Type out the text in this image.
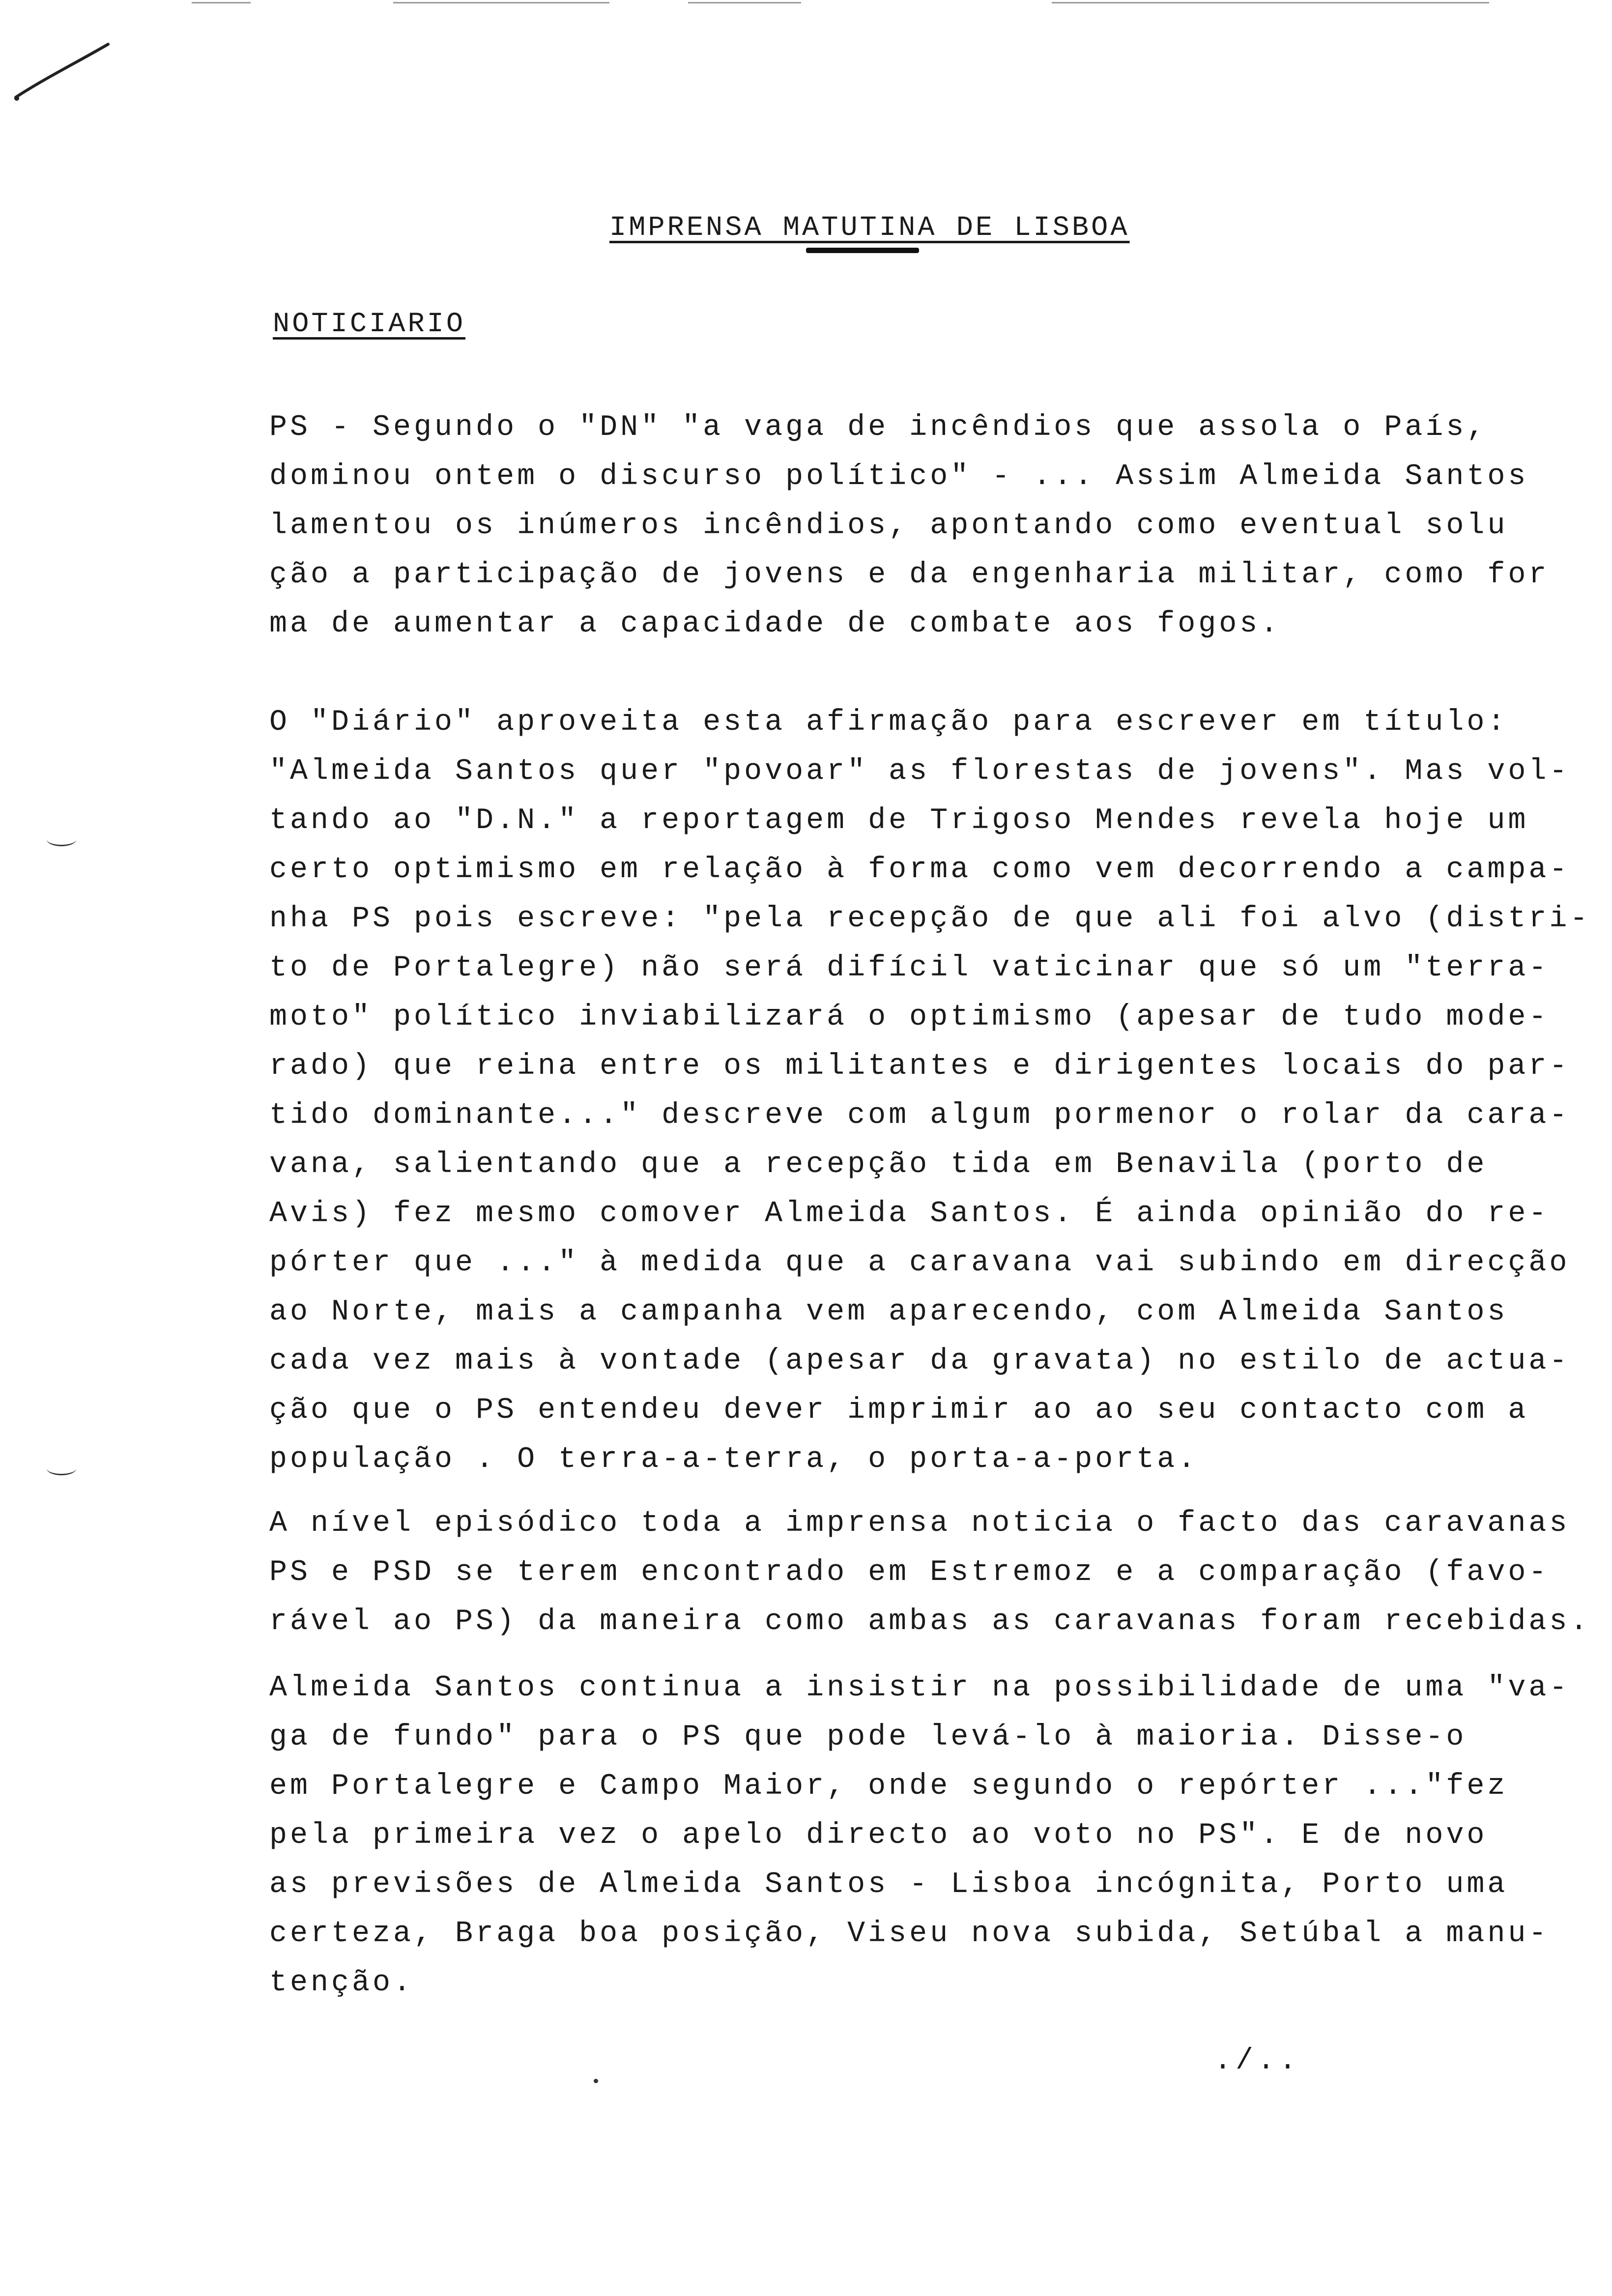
IMPRENSA MATUTINA DE LISBOA
NOTICIARIO
PS - Segundo o "DN" "a vaga de incêndios que assola o País,
dominou ontem o discurso político" - ... Assim Almeida Santos
lamentou os inúmeros incêndios, apontando como eventual solu
ção a participação de jovens e da engenharia militar, como for
ma de aumentar a capacidade de combate aos fogos.
O "Diário" aproveita esta afirmação para escrever em título:
"Almeida Santos quer "povoar" as florestas de jovens". Mas vol-
tando ao "D.N." a reportagem de Trigoso Mendes revela hoje um
certo optimismo em relação à forma como vem decorrendo a campa-
nha PS pois escreve: "pela recepção de que ali foi alvo (distri-
to de Portalegre) não será difícil vaticinar que só um "terra-
moto" político inviabilizará o optimismo (apesar de tudo mode-
rado) que reina entre os militantes e dirigentes locais do par-
tido dominante..." descreve com algum pormenor o rolar da cara-
vana, salientando que a recepção tida em Benavila (porto de
Avis) fez mesmo comover Almeida Santos. É ainda opinião do re-
pórter que ..." à medida que a caravana vai subindo em direcção
ao Norte, mais a campanha vem aparecendo, com Almeida Santos
cada vez mais à vontade (apesar da gravata) no estilo de actua-
ção que o PS entendeu dever imprimir ao ao seu contacto com a
população . O terra-a-terra, o porta-a-porta.
A nível episódico toda a imprensa noticia o facto das caravanas
PS e PSD se terem encontrado em Estremoz e a comparação (favo-
rável ao PS) da maneira como ambas as caravanas foram recebidas.
Almeida Santos continua a insistir na possibilidade de uma "va-
ga de fundo" para o PS que pode levá-lo à maioria. Disse-o
em Portalegre e Campo Maior, onde segundo o repórter ..."fez
pela primeira vez o apelo directo ao voto no PS". E de novo
as previsões de Almeida Santos - Lisboa incógnita, Porto uma
certeza, Braga boa posição, Viseu nova subida, Setúbal a manu-
tenção.
./..
